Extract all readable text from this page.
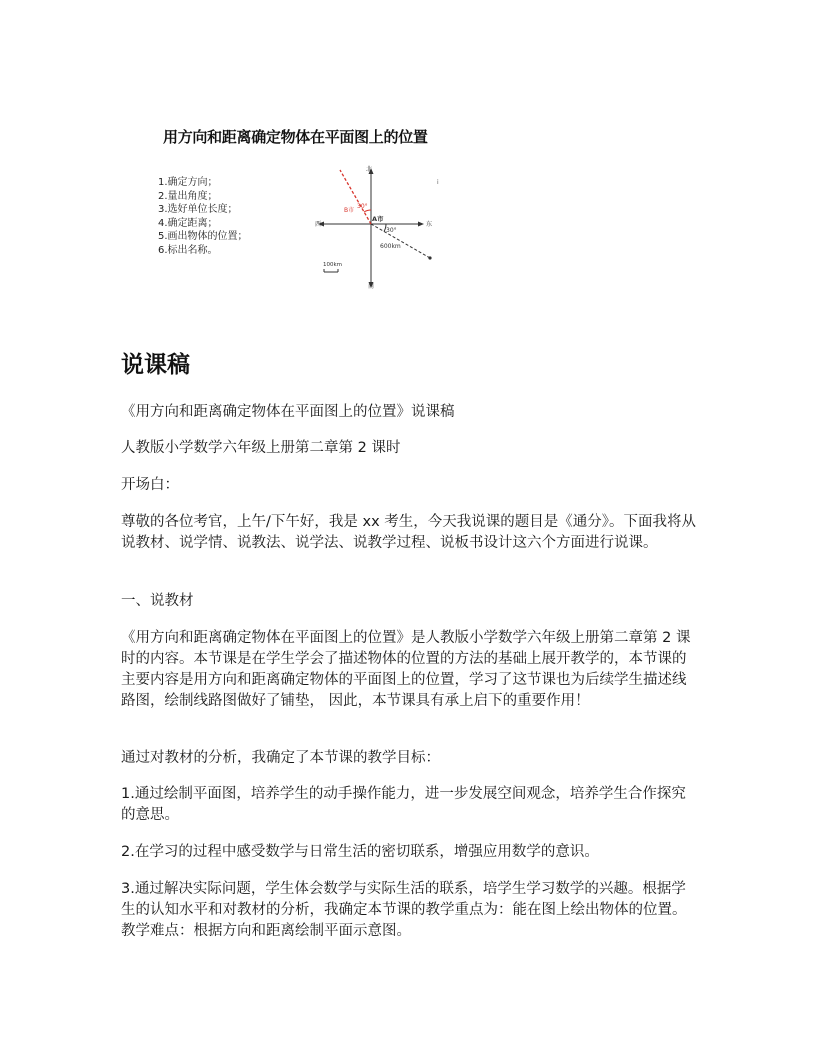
用方向和距离确定物体在平面图上的位置
1.确定方向；
2.量出角度；
3.选好单位长度；
4.确定距离；
5.画出物体的位置；
6.标出名称。
北
南
西	东
A市
B市
30°
30°
600km
100km
i
说课稿

《用方向和距离确定物体在平面图上的位置》说课稿

人教版小学数学六年级上册第二章第 2 课时

开场白：

尊敬的各位考官，上午/下午好，我是 xx 考生，今天我说课的题目是《通分》。下面我将从说教材、说学情、说教法、说学法、说教学过程、说板书设计这六个方面进行说课。

一、说教材

《用方向和距离确定物体在平面图上的位置》是人教版小学数学六年级上册第二章第 2 课时的内容。本节课是在学生学会了描述物体的位置的方法的基础上展开教学的，本节课的主要内容是用方向和距离确定物体的平面图上的位置，学习了这节课也为后续学生描述线路图，绘制线路图做好了铺垫， 因此，本节课具有承上启下的重要作用！

通过对教材的分析，我确定了本节课的教学目标：

1.通过绘制平面图，培养学生的动手操作能力，进一步发展空间观念，培养学生合作探究的意思。

2.在学习的过程中感受数学与日常生活的密切联系，增强应用数学的意识。

3.通过解决实际问题，学生体会数学与实际生活的联系，培学生学习数学的兴趣。根据学生的认知水平和对教材的分析，我确定本节课的教学重点为：能在图上绘出物体的位置。教学难点：根据方向和距离绘制平面示意图。
